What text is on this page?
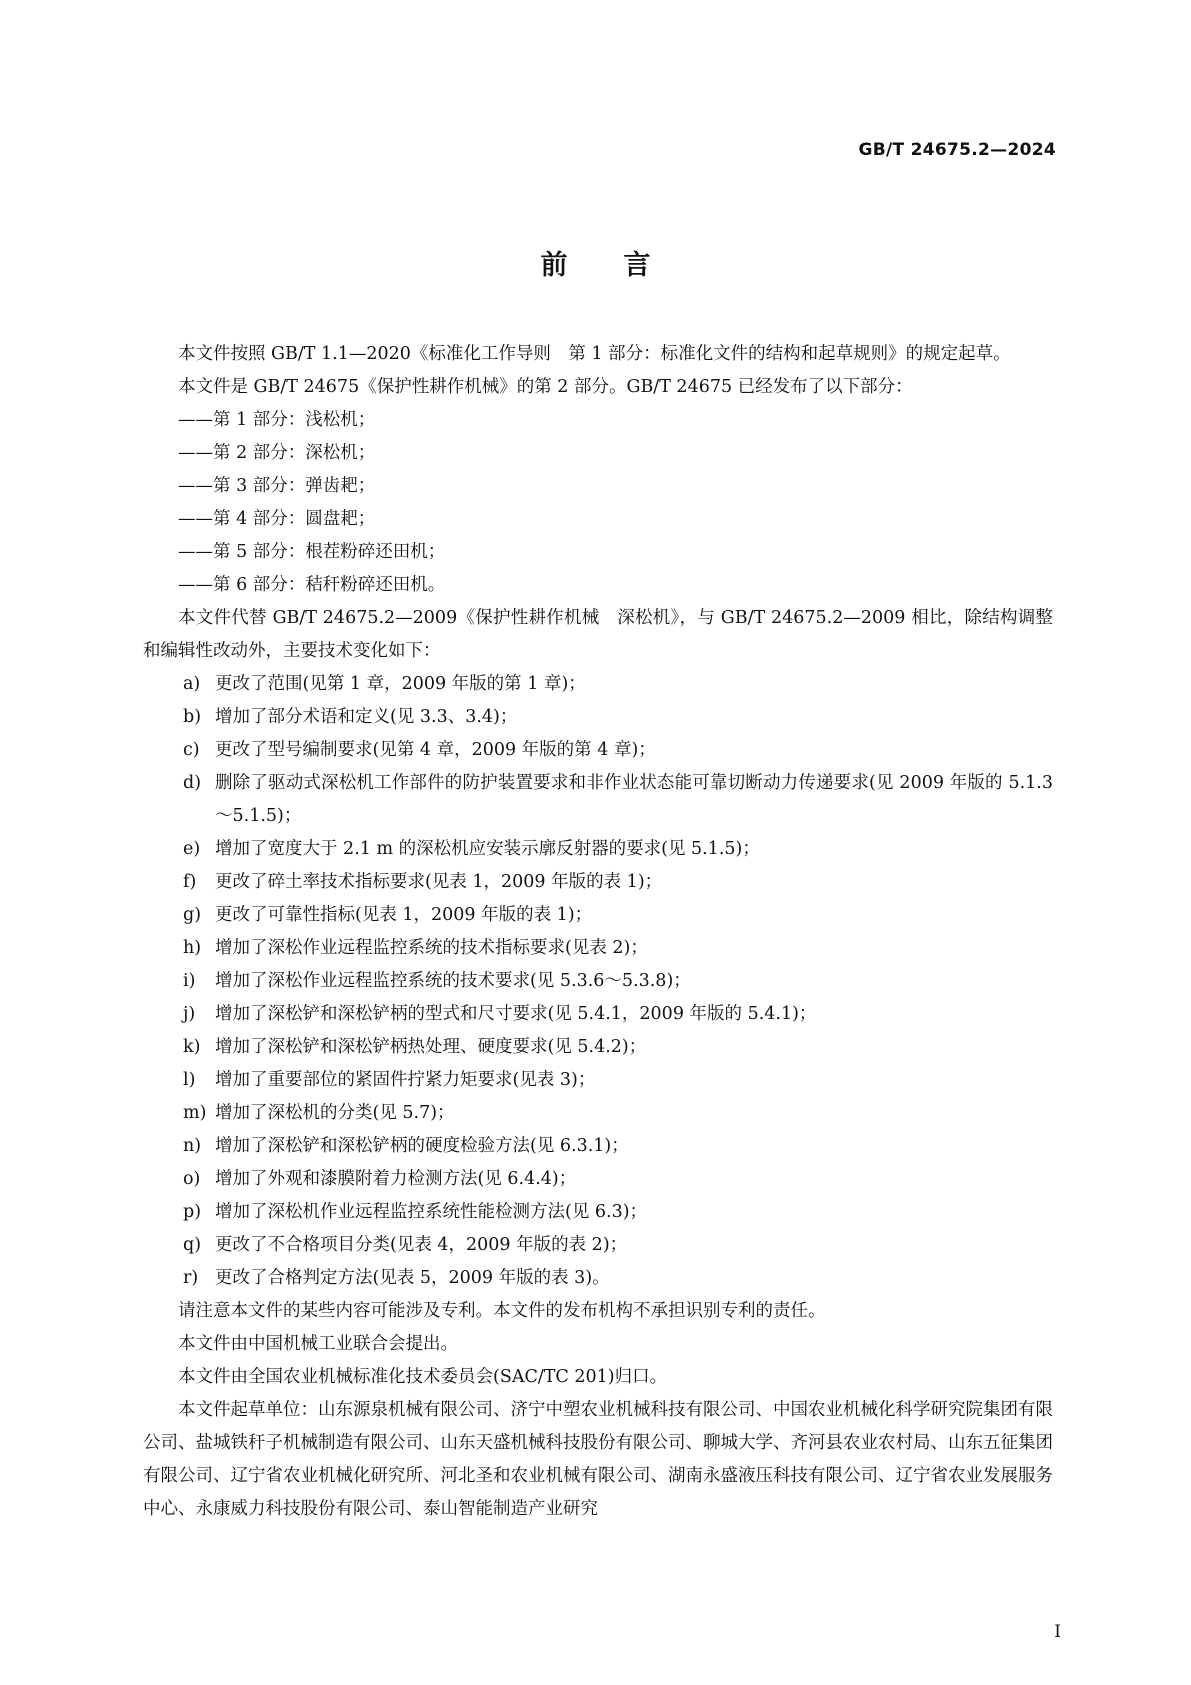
GB/T 24675.2—2024
前言

本文件按照 GB/T 1.1—2020《标准化工作导则　第 1 部分：标准化文件的结构和起草规则》的规定起草。

本文件是 GB/T 24675《保护性耕作机械》的第 2 部分。GB/T 24675 已经发布了以下部分：

——第 1 部分：浅松机；

——第 2 部分：深松机；

——第 3 部分：弹齿耙；

——第 4 部分：圆盘耙；

——第 5 部分：根茬粉碎还田机；

——第 6 部分：秸秆粉碎还田机。

本文件代替 GB/T 24675.2—2009《保护性耕作机械　深松机》，与 GB/T 24675.2—2009 相比，除结构调整和编辑性改动外，主要技术变化如下：

a) 更改了范围(见第 1 章，2009 年版的第 1 章)；

b) 增加了部分术语和定义(见 3.3、3.4)；

c) 更改了型号编制要求(见第 4 章，2009 年版的第 4 章)；

d) 删除了驱动式深松机工作部件的防护装置要求和非作业状态能可靠切断动力传递要求(见 2009 年版的 5.1.3～5.1.5)；

e) 增加了宽度大于 2.1 m 的深松机应安装示廓反射器的要求(见 5.1.5)；

f) 更改了碎土率技术指标要求(见表 1，2009 年版的表 1)；

g) 更改了可靠性指标(见表 1，2009 年版的表 1)；

h) 增加了深松作业远程监控系统的技术指标要求(见表 2)；

i) 增加了深松作业远程监控系统的技术要求(见 5.3.6～5.3.8)；

j) 增加了深松铲和深松铲柄的型式和尺寸要求(见 5.4.1，2009 年版的 5.4.1)；

k) 增加了深松铲和深松铲柄热处理、硬度要求(见 5.4.2)；

l) 增加了重要部位的紧固件拧紧力矩要求(见表 3)；

m) 增加了深松机的分类(见 5.7)；

n) 增加了深松铲和深松铲柄的硬度检验方法(见 6.3.1)；

o) 增加了外观和漆膜附着力检测方法(见 6.4.4)；

p) 增加了深松机作业远程监控系统性能检测方法(见 6.3)；

q) 更改了不合格项目分类(见表 4，2009 年版的表 2)；

r) 更改了合格判定方法(见表 5，2009 年版的表 3)。

请注意本文件的某些内容可能涉及专利。本文件的发布机构不承担识别专利的责任。

本文件由中国机械工业联合会提出。

本文件由全国农业机械标准化技术委员会(SAC/TC 201)归口。

本文件起草单位：山东源泉机械有限公司、济宁中塑农业机械科技有限公司、中国农业机械化科学研究院集团有限公司、盐城铁秆子机械制造有限公司、山东天盛机械科技股份有限公司、聊城大学、齐河县农业农村局、山东五征集团有限公司、辽宁省农业机械化研究所、河北圣和农业机械有限公司、湖南永盛液压科技有限公司、辽宁省农业发展服务中心、永康威力科技股份有限公司、泰山智能制造产业研究

I
